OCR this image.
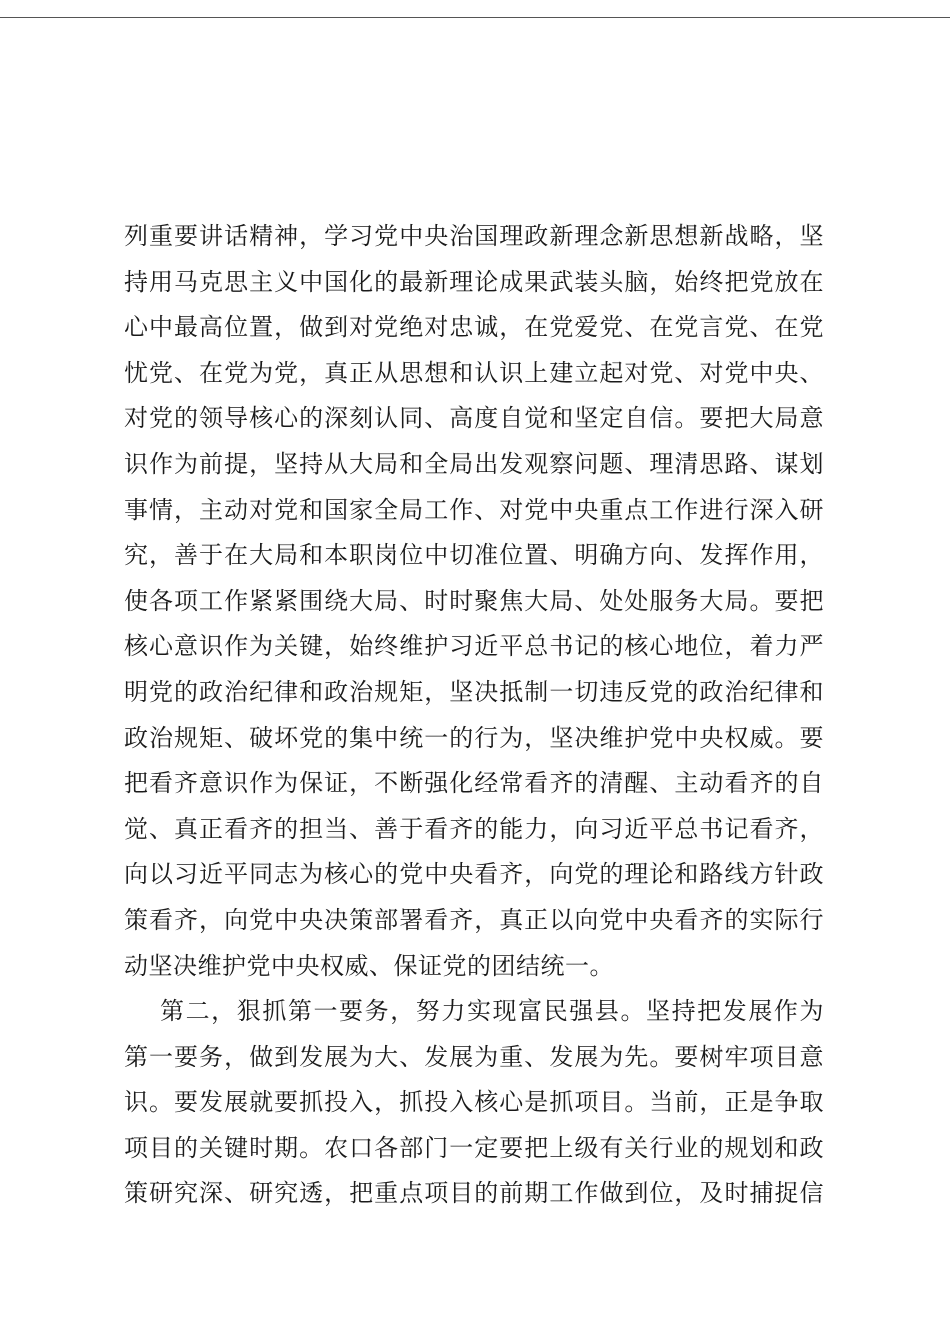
列重要讲话精神，学习党中央治国理政新理念新思想新战略，坚
持用马克思主义中国化的最新理论成果武装头脑，始终把党放在
心中最高位置，做到对党绝对忠诚，在党爱党、在党言党、在党
忧党、在党为党，真正从思想和认识上建立起对党、对党中央、
对党的领导核心的深刻认同、高度自觉和坚定自信。要把大局意
识作为前提，坚持从大局和全局出发观察问题、理清思路、谋划
事情，主动对党和国家全局工作、对党中央重点工作进行深入研
究，善于在大局和本职岗位中切准位置、明确方向、发挥作用，
使各项工作紧紧围绕大局、时时聚焦大局、处处服务大局。要把
核心意识作为关键，始终维护习近平总书记的核心地位，着力严
明党的政治纪律和政治规矩，坚决抵制一切违反党的政治纪律和
政治规矩、破坏党的集中统一的行为，坚决维护党中央权威。要
把看齐意识作为保证，不断强化经常看齐的清醒、主动看齐的自
觉、真正看齐的担当、善于看齐的能力，向习近平总书记看齐，
向以习近平同志为核心的党中央看齐，向党的理论和路线方针政
策看齐，向党中央决策部署看齐，真正以向党中央看齐的实际行
动坚决维护党中央权威、保证党的团结统一。
第二，狠抓第一要务，努力实现富民强县。坚持把发展作为
第一要务，做到发展为大、发展为重、发展为先。要树牢项目意
识。要发展就要抓投入，抓投入核心是抓项目。当前，正是争取
项目的关键时期。农口各部门一定要把上级有关行业的规划和政
策研究深、研究透，把重点项目的前期工作做到位，及时捕捉信
